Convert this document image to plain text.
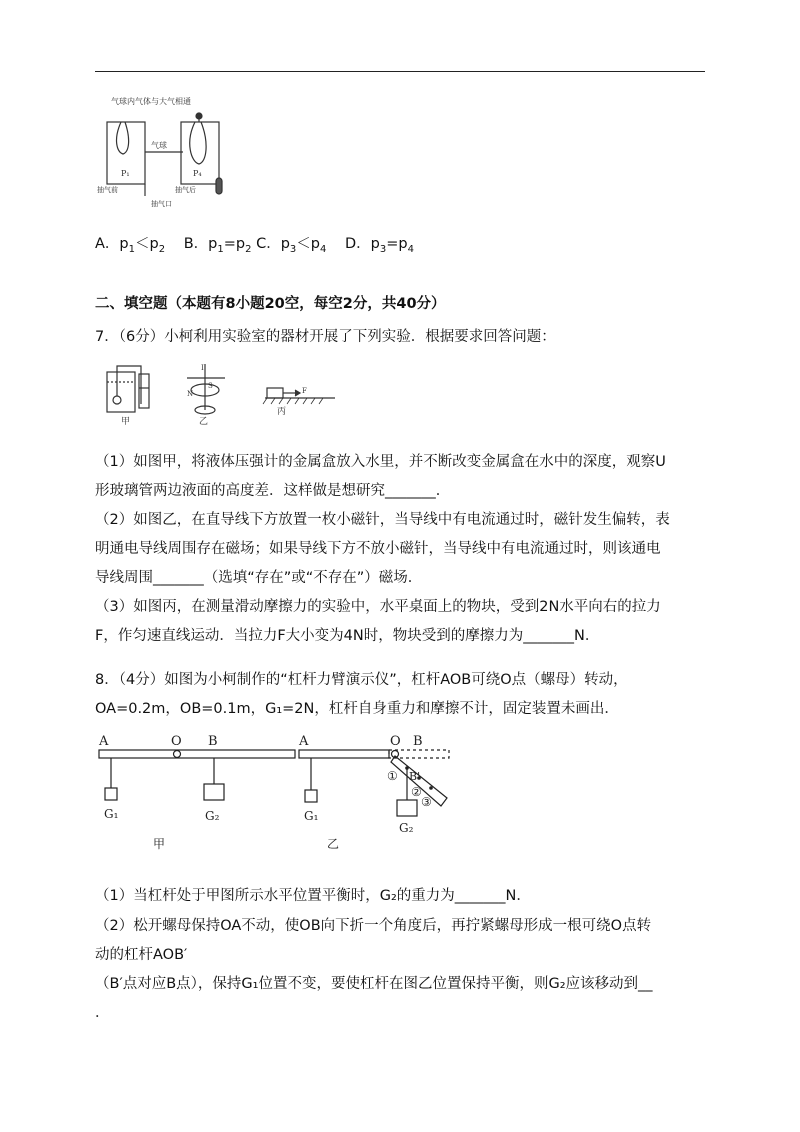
气球内气体与大气相通
气球
P₁	P₄
抽气前	抽气后
抽气口
A．$p_1<p_2$ B．$p_1=p_2$ C．$p_3<p_4$ D．$p_3=p_4$
二、填空题（本题有8小题20空，每空2分，共40分）
7．（6分）小柯利用实验室的器材开展了下列实验．根据要求回答问题：
I
S
N	F
甲	乙
丙
（1）如图甲，将液体压强计的金属盒放入水里，并不断改变金属盒在水中的深度，观察U
形玻璃管两边液面的高度差．这样做是想研究_______．
（2）如图乙，在直导线下方放置一枚小磁针，当导线中有电流通过时，磁针发生偏转，表
明通电导线周围存在磁场；如果导线下方不放小磁针，当导线中有电流通过时，则该通电
导线周围_______（选填“存在”或“不存在”）磁场．
（3）如图丙，在测量滑动摩擦力的实验中，水平桌面上的物块，受到2N水平向右的拉力
F，作匀速直线运动．当拉力F大小变为4N时，物块受到的摩擦力为_______N．
8．（4分）如图为小柯制作的“杠杆力臂演示仪”，杠杆AOB可绕O点（螺母）转动，
OA=0.2m，OB=0.1m，G₁=2N，杠杆自身重力和摩擦不计，固定装置未画出．
A	O B
G₁	G₂
甲
A	O B
B'
①
②
③
G₁
G₂
乙
（1）当杠杆处于甲图所示水平位置平衡时，G₂的重力为_______N．
（2）松开螺母保持OA不动，使OB向下折一个角度后，再拧紧螺母形成一根可绕O点转
动的杠杆AOB′
（B′点对应B点），保持G₁位置不变，要使杠杆在图乙位置保持平衡，则G₂应该移动到__
．
